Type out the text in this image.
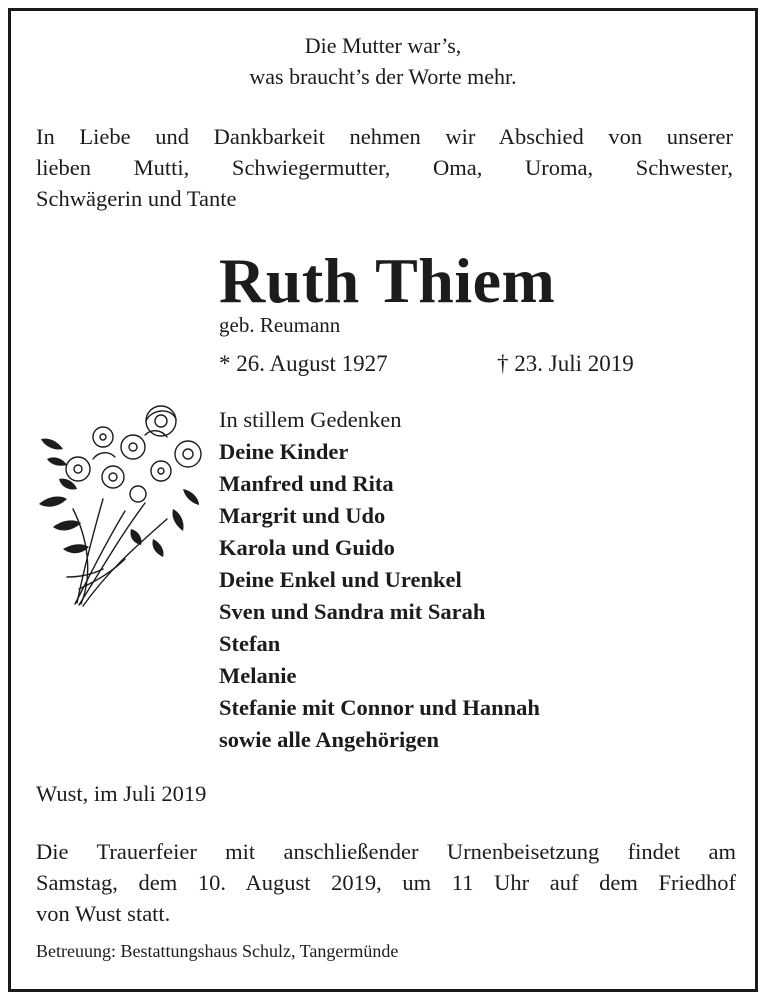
Die Mutter war’s,
was braucht’s der Worte mehr.
In Liebe und Dankbarkeit nehmen wir Abschied von unserer
lieben Mutti, Schwiegermutter, Oma, Uroma, Schwester,
Schwägerin und Tante
Ruth Thiem
geb. Reumann
* 26. August 1927	† 23. Juli 2019
In stillem Gedenken
Deine Kinder
Manfred und Rita
Margrit und Udo
Karola und Guido
Deine Enkel und Urenkel
Sven und Sandra mit Sarah
Stefan
Melanie
Stefanie mit Connor und Hannah
sowie alle Angehörigen
Wust, im Juli 2019
Die Trauerfeier mit anschließender Urnenbeisetzung findet am
Samstag, dem 10. August 2019, um 11 Uhr auf dem Friedhof
von Wust statt.
Betreuung: Bestattungshaus Schulz, Tangermünde
